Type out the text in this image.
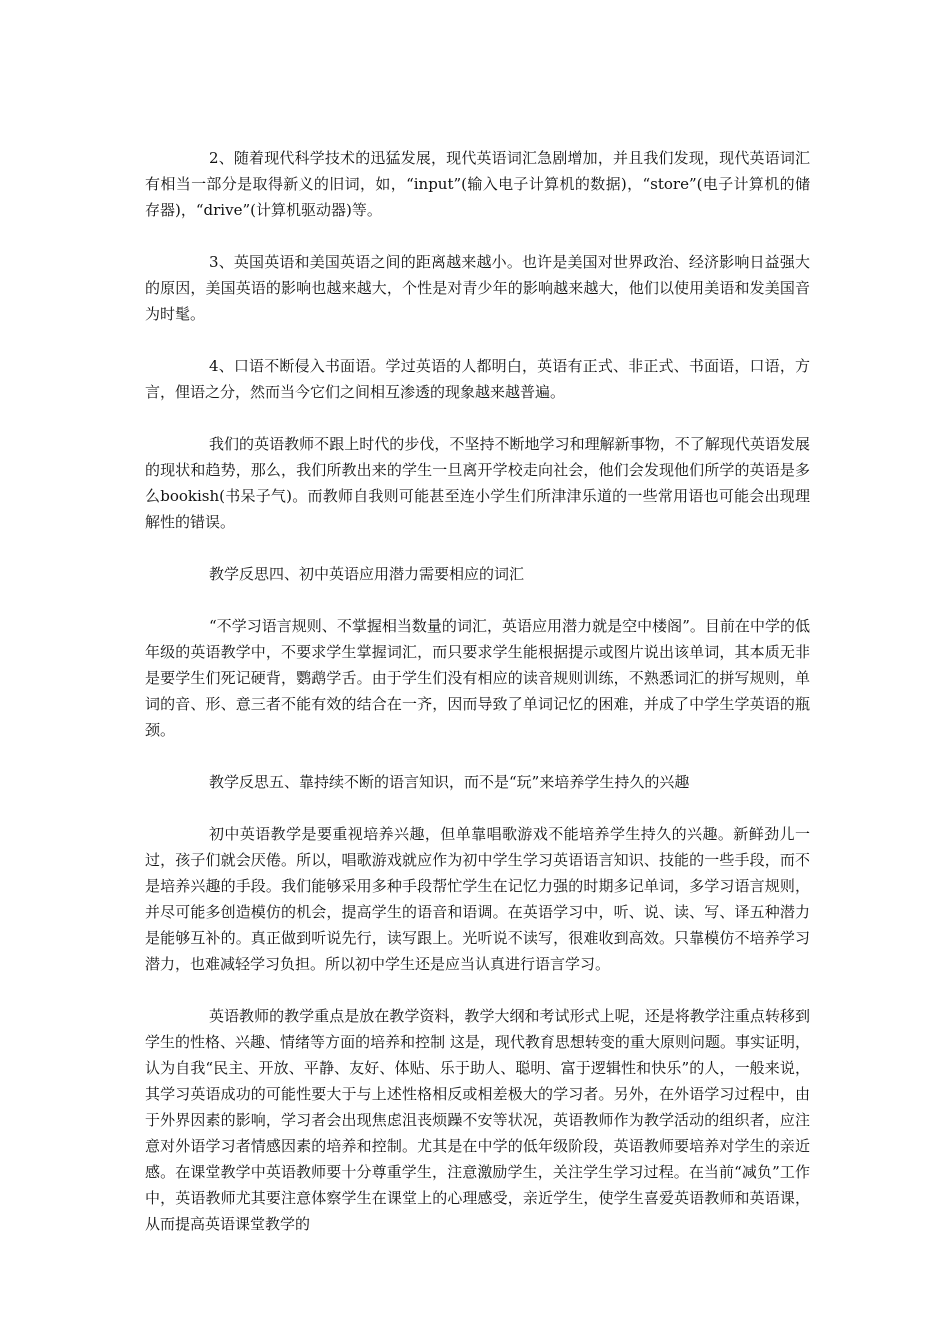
2、随着现代科学技术的迅猛发展，现代英语词汇急剧增加，并且我们发现，现代英语词汇有相当一部分是取得新义的旧词，如，“input”(输入电子计算机的数据)，“store”(电子计算机的储存器)，“drive”(计算机驱动器)等。

3、英国英语和美国英语之间的距离越来越小。也许是美国对世界政治、经济影响日益强大的原因，美国英语的影响也越来越大，个性是对青少年的影响越来越大，他们以使用美语和发美国音为时髦。

4、口语不断侵入书面语。学过英语的人都明白，英语有正式、非正式、书面语，口语，方言，俚语之分，然而当今它们之间相互渗透的现象越来越普遍。

我们的英语教师不跟上时代的步伐，不坚持不断地学习和理解新事物，不了解现代英语发展的现状和趋势，那么，我们所教出来的学生一旦离开学校走向社会，他们会发现他们所学的英语是多么bookish(书呆子气)。而教师自我则可能甚至连小学生们所津津乐道的一些常用语也可能会出现理解性的错误。

教学反思四、初中英语应用潜力需要相应的词汇

“不学习语言规则、不掌握相当数量的词汇，英语应用潜力就是空中楼阁”。目前在中学的低年级的英语教学中，不要求学生掌握词汇，而只要求学生能根据提示或图片说出该单词，其本质无非是要学生们死记硬背，鹦鹉学舌。由于学生们没有相应的读音规则训练，不熟悉词汇的拼写规则，单词的音、形、意三者不能有效的结合在一齐，因而导致了单词记忆的困难，并成了中学生学英语的瓶颈。

教学反思五、靠持续不断的语言知识，而不是“玩”来培养学生持久的兴趣

初中英语教学是要重视培养兴趣，但单靠唱歌游戏不能培养学生持久的兴趣。新鲜劲儿一过，孩子们就会厌倦。所以，唱歌游戏就应作为初中学生学习英语语言知识、技能的一些手段，而不是培养兴趣的手段。我们能够采用多种手段帮忙学生在记忆力强的时期多记单词，多学习语言规则，并尽可能多创造模仿的机会，提高学生的语音和语调。在英语学习中，听、说、读、写、译五种潜力是能够互补的。真正做到听说先行，读写跟上。光听说不读写，很难收到高效。只靠模仿不培养学习潜力，也难减轻学习负担。所以初中学生还是应当认真进行语言学习。

英语教师的教学重点是放在教学资料，教学大纲和考试形式上呢，还是将教学注重点转移到学生的性格、兴趣、情绪等方面的培养和控制 这是，现代教育思想转变的重大原则问题。事实证明，认为自我“民主、开放、平静、友好、体贴、乐于助人、聪明、富于逻辑性和快乐”的人，一般来说，其学习英语成功的可能性要大于与上述性格相反或相差极大的学习者。另外，在外语学习过程中，由于外界因素的影响，学习者会出现焦虑沮丧烦躁不安等状况，英语教师作为教学活动的组织者，应注意对外语学习者情感因素的培养和控制。尤其是在中学的低年级阶段，英语教师要培养对学生的亲近感。在课堂教学中英语教师要十分尊重学生，注意激励学生，关注学生学习过程。在当前“减负”工作中，英语教师尤其要注意体察学生在课堂上的心理感受，亲近学生，使学生喜爱英语教师和英语课，从而提高英语课堂教学的
